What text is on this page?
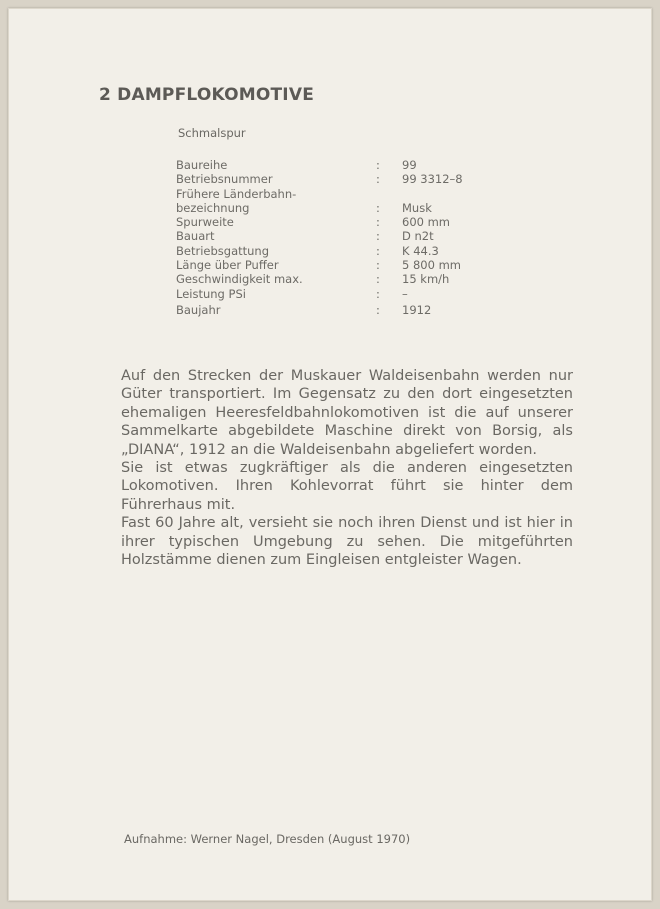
2 DAMPFLOKOMOTIVE
Schmalspur
Baureihe	:	99
Betriebsnummer	:	99 3312–8
Frühere Länderbahn-
bezeichnung	:	Musk
Spurweite	:	600 mm
Bauart	:	D n2t
Betriebsgattung	:	K 44.3
Länge über Puffer	:	5 800 mm
Geschwindigkeit max.	:	15 km/h
Leistung PSi	:	–
Baujahr	:	1912

Auf den Strecken der Muskauer Waldeisenbahn werden nur Güter transportiert. Im Gegensatz zu den dort eingesetzten ehemaligen Heeresfeldbahnlokomotiven ist die auf unserer Sammelkarte abgebildete Maschine direkt von Borsig, als „DIANA“, 1912 an die Waldeisenbahn abgeliefert worden.

Sie ist etwas zugkräftiger als die anderen eingesetzten Lokomotiven. Ihren Kohlevorrat führt sie hinter dem Führerhaus mit.

Fast 60 Jahre alt, versieht sie noch ihren Dienst und ist hier in ihrer typischen Umgebung zu sehen. Die mitgeführten Holzstämme dienen zum Eingleisen entgleister Wagen.

Aufnahme: Werner Nagel, Dresden (August 1970)
